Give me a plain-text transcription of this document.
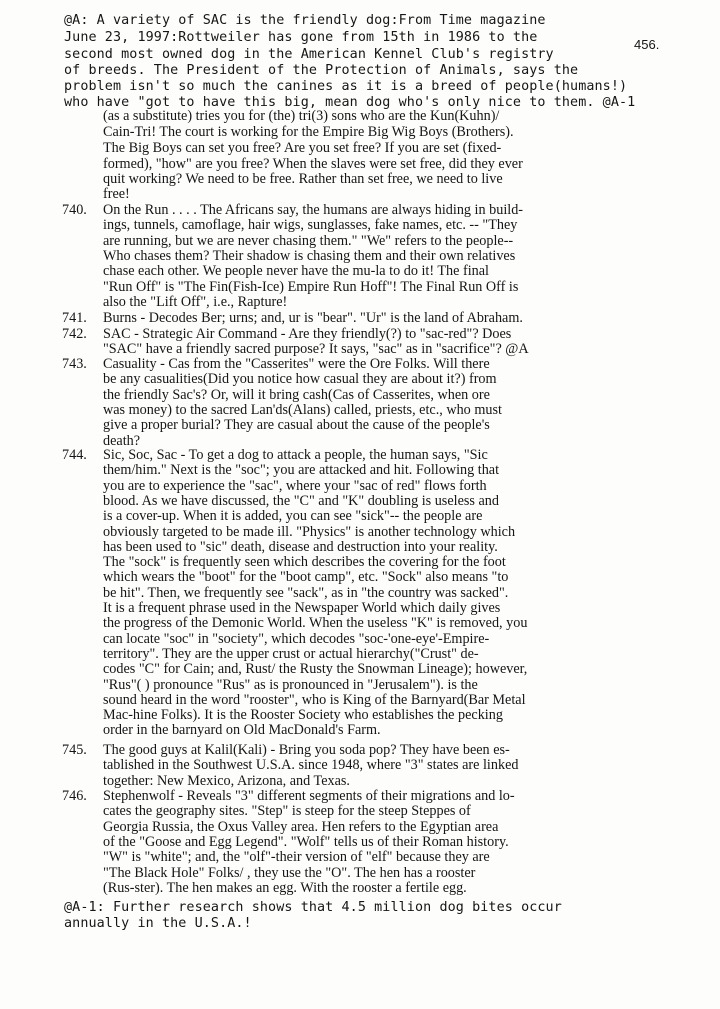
456.
@A: A variety of SAC is the friendly dog:From Time magazine
June 23, 1997:Rottweiler has gone from 15th in 1986 to the
second most owned dog in the American Kennel Club's registry
of breeds. The President of the Protection of Animals, says the
problem isn't so much the canines as it is a breed of people(humans!)
who have "got to have this big, mean dog who's only nice to them. @A-1
(as a substitute) tries you for (the) tri(3) sons who are the Kun(Kuhn)/
Cain-Tri! The court is working for the Empire Big Wig Boys (Brothers).
The Big Boys can set you free? Are you set free? If you are set (fixed-
formed), "how" are you free? When the slaves were set free, did they ever
quit working? We need to be free. Rather than set free, we need to live
free!
740. On the Run . . . . The Africans say, the humans are always hiding in build-
ings, tunnels, camoflage, hair wigs, sunglasses, fake names, etc. -- "They
are running, but we are never chasing them." "We" refers to the people--
Who chases them? Their shadow is chasing them and their own relatives
chase each other. We people never have the mu-la to do it! The final
"Run Off" is "The Fin(Fish-Ice) Empire Run Hoff"! The Final Run Off is
also the "Lift Off", i.e., Rapture!
741. Burns - Decodes Ber; urns; and, ur is "bear". "Ur" is the land of Abraham.
742. SAC - Strategic Air Command - Are they friendly(?) to "sac-red"? Does
"SAC" have a friendly sacred purpose? It says, "sac" as in "sacrifice"? @A
743. Casuality - Cas from the "Casserites" were the Ore Folks. Will there
be any casualities(Did you notice how casual they are about it?) from
the friendly Sac's? Or, will it bring cash(Cas of Casserites, when ore
was money) to the sacred Lan'ds(Alans) called, priests, etc., who must
give a proper burial? They are casual about the cause of the people's
death?
744. Sic, Soc, Sac - To get a dog to attack a people, the human says, "Sic
them/him." Next is the "soc"; you are attacked and hit. Following that
you are to experience the "sac", where your "sac of red" flows forth
blood. As we have discussed, the "C" and "K" doubling is useless and
is a cover-up. When it is added, you can see "sick"-- the people are
obviously targeted to be made ill. "Physics" is another technology which
has been used to "sic" death, disease and destruction into your reality.
The "sock" is frequently seen which describes the covering for the foot
which wears the "boot" for the "boot camp", etc. "Sock" also means "to
be hit". Then, we frequently see "sack", as in "the country was sacked".
It is a frequent phrase used in the Newspaper World which daily gives
the progress of the Demonic World. When the useless "K" is removed, you
can locate "soc" in "society", which decodes "soc-'one-eye'-Empire-
territory". They are the upper crust or actual hierarchy("Crust" de-
codes "C" for Cain; and, Rust/ the Rusty the Snowman Lineage); however,
"Rus"( ) pronounce "Rus" as is pronounced in "Jerusalem"). is the
sound heard in the word "rooster", who is King of the Barnyard(Bar Metal
Mac-hine Folks). It is the Rooster Society who establishes the pecking
order in the barnyard on Old MacDonald's Farm.
745. The good guys at Kalil(Kali) - Bring you soda pop? They have been es-
tablished in the Southwest U.S.A. since 1948, where "3" states are linked
together: New Mexico, Arizona, and Texas.
746. Stephenwolf - Reveals "3" different segments of their migrations and lo-
cates the geography sites. "Step" is steep for the steep Steppes of
Georgia Russia, the Oxus Valley area. Hen refers to the Egyptian area
of the "Goose and Egg Legend". "Wolf" tells us of their Roman history.
"W" is "white"; and, the "olf"-their version of "elf" because they are
"The Black Hole" Folks/ , they use the "O". The hen has a rooster
(Rus-ster). The hen makes an egg. With the rooster a fertile egg.
@A-1: Further research shows that 4.5 million dog bites occur
annually in the U.S.A.!
